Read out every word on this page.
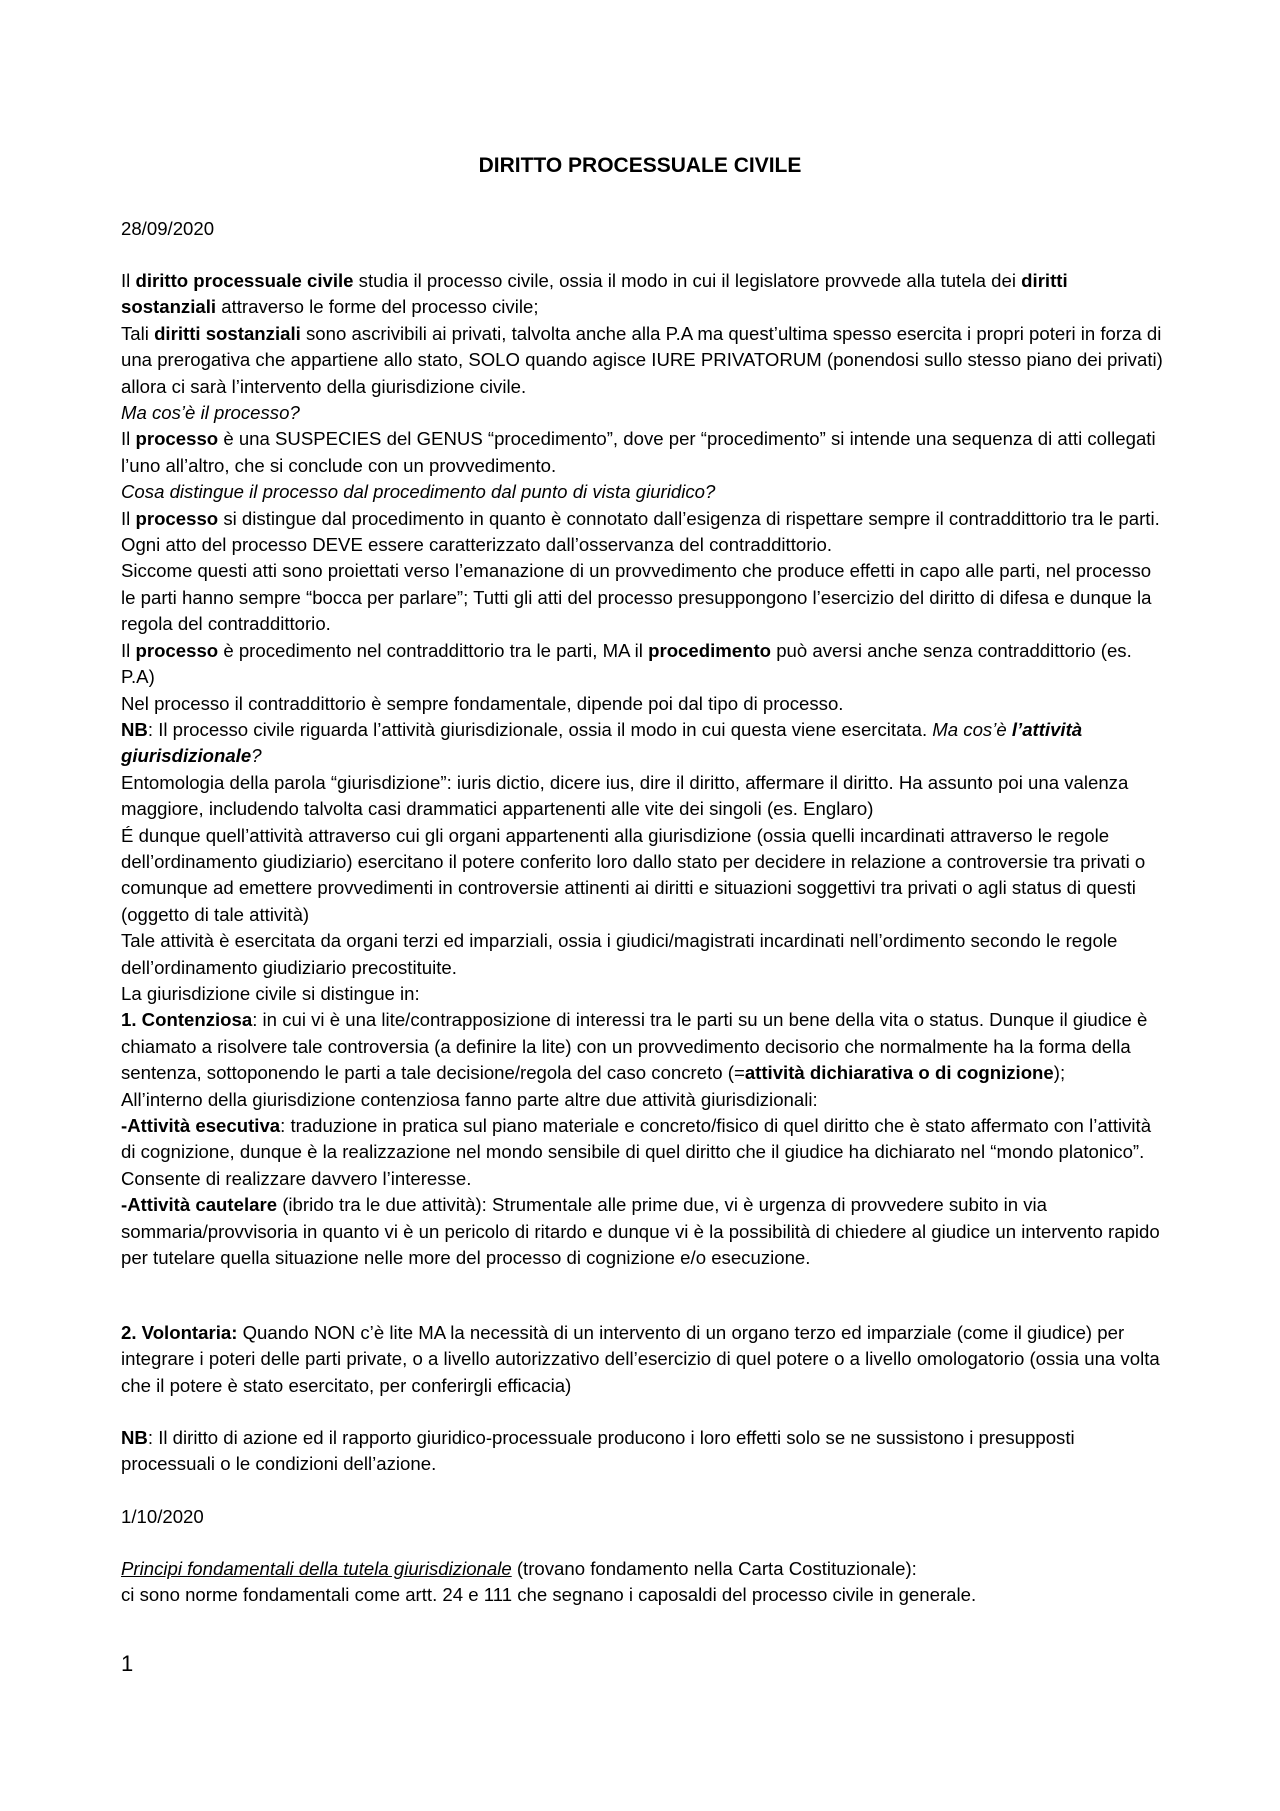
DIRITTO PROCESSUALE CIVILE
28/09/2020

Il diritto processuale civile studia il processo civile, ossia il modo in cui il legislatore provvede alla tutela dei diritti sostanziali attraverso le forme del processo civile;

Tali diritti sostanziali sono ascrivibili ai privati, talvolta anche alla P.A ma quest’ultima spesso esercita i propri poteri in forza di una prerogativa che appartiene allo stato, SOLO quando agisce IURE PRIVATORUM (ponendosi sullo stesso piano dei privati) allora ci sarà l’intervento della giurisdizione civile.

Ma cos’è il processo?

Il processo è una SUSPECIES del GENUS “procedimento”, dove per “procedimento” si intende una sequenza di atti collegati l’uno all’altro, che si conclude con un provvedimento.

Cosa distingue il processo dal procedimento dal punto di vista giuridico?

Il processo si distingue dal procedimento in quanto è connotato dall’esigenza di rispettare sempre il contraddittorio tra le parti. Ogni atto del processo DEVE essere caratterizzato dall’osservanza del contraddittorio.

Siccome questi atti sono proiettati verso l’emanazione di un provvedimento che produce effetti in capo alle parti, nel processo le parti hanno sempre “bocca per parlare”; Tutti gli atti del processo presuppongono l’esercizio del diritto di difesa e dunque la regola del contraddittorio.

Il processo è procedimento nel contraddittorio tra le parti, MA il procedimento può aversi anche senza contraddittorio (es. P.A)

Nel processo il contraddittorio è sempre fondamentale, dipende poi dal tipo di processo.

NB: Il processo civile riguarda l’attività giurisdizionale, ossia il modo in cui questa viene esercitata. Ma cos’è l’attività giurisdizionale?

Entomologia della parola “giurisdizione”: iuris dictio, dicere ius, dire il diritto, affermare il diritto. Ha assunto poi una valenza maggiore, includendo talvolta casi drammatici appartenenti alle vite dei singoli (es. Englaro)

É dunque quell’attività attraverso cui gli organi appartenenti alla giurisdizione (ossia quelli incardinati attraverso le regole dell’ordinamento giudiziario) esercitano il potere conferito loro dallo stato per decidere in relazione a controversie tra privati o comunque ad emettere provvedimenti in controversie attinenti ai diritti e situazioni soggettivi tra privati o agli status di questi (oggetto di tale attività)

Tale attività è esercitata da organi terzi ed imparziali, ossia i giudici/magistrati incardinati nell’ordimento secondo le regole dell’ordinamento giudiziario precostituite.

La giurisdizione civile si distingue in:

1. Contenziosa: in cui vi è una lite/contrapposizione di interessi tra le parti su un bene della vita o status. Dunque il giudice è chiamato a risolvere tale controversia (a definire la lite) con un provvedimento decisorio che normalmente ha la forma della sentenza, sottoponendo le parti a tale decisione/regola del caso concreto (=attività dichiarativa o di cognizione);

All’interno della giurisdizione contenziosa fanno parte altre due attività giurisdizionali:

-Attività esecutiva: traduzione in pratica sul piano materiale e concreto/fisico di quel diritto che è stato affermato con l’attività di cognizione, dunque è la realizzazione nel mondo sensibile di quel diritto che il giudice ha dichiarato nel “mondo platonico”. Consente di realizzare davvero l’interesse.

-Attività cautelare (ibrido tra le due attività): Strumentale alle prime due, vi è urgenza di provvedere subito in via sommaria/provvisoria in quanto vi è un pericolo di ritardo e dunque vi è la possibilità di chiedere al giudice un intervento rapido per tutelare quella situazione nelle more del processo di cognizione e/o esecuzione.

2. Volontaria: Quando NON c’è lite MA la necessità di un intervento di un organo terzo ed imparziale (come il giudice) per integrare i poteri delle parti private, o a livello autorizzativo dell’esercizio di quel potere o a livello omologatorio (ossia una volta che il potere è stato esercitato, per conferirgli efficacia)

NB: Il diritto di azione ed il rapporto giuridico-processuale producono i loro effetti solo se ne sussistono i presupposti processuali o le condizioni dell’azione.

1/10/2020

Principi fondamentali della tutela giurisdizionale (trovano fondamento nella Carta Costituzionale):

ci sono norme fondamentali come artt. 24 e 111 che segnano i caposaldi del processo civile in generale.

1
